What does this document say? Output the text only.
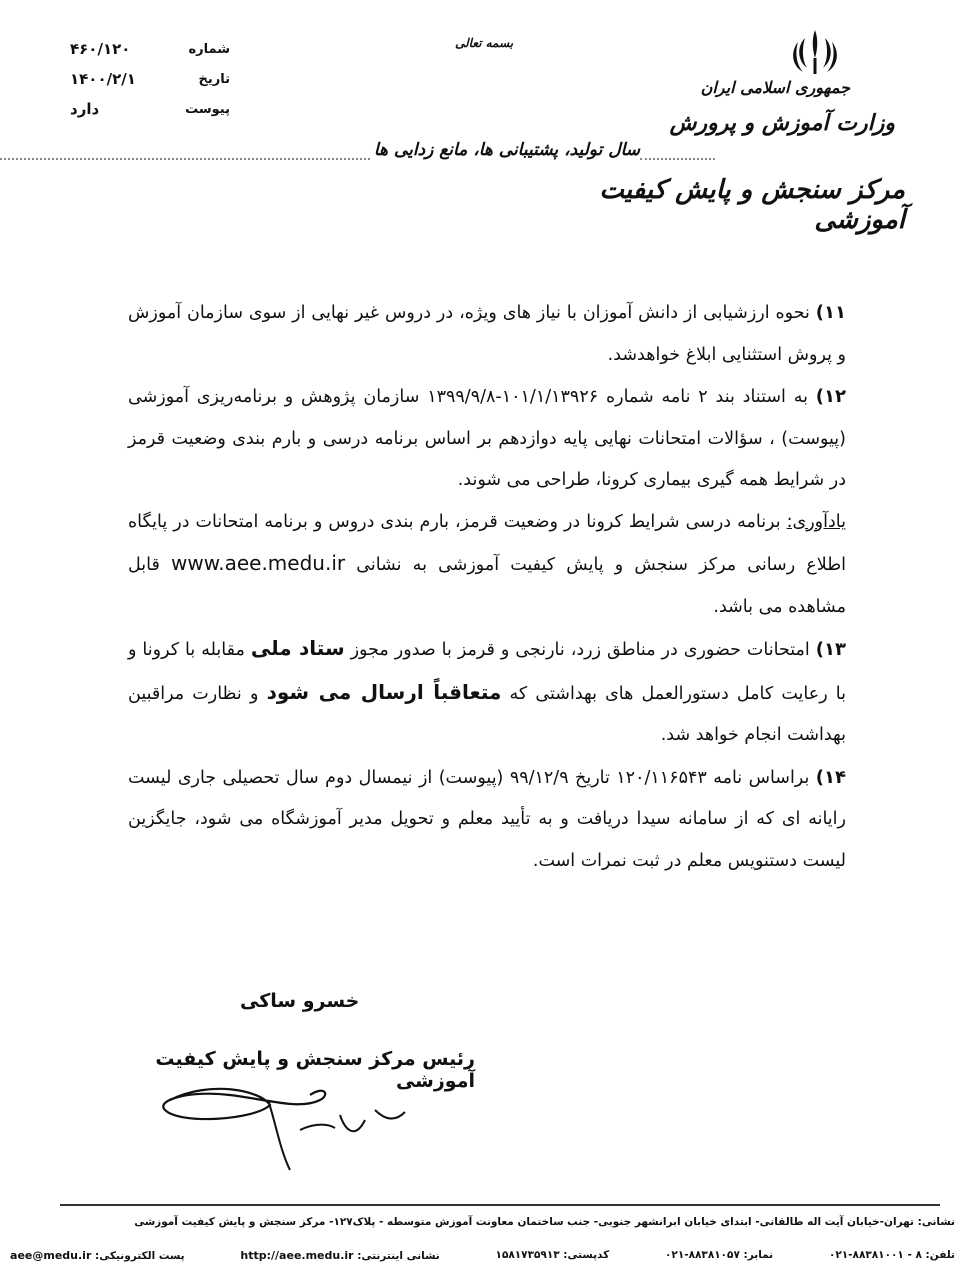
شماره
۴۶۰/۱۲۰
تاریخ
۱۴۰۰/۲/۱
پیوست
دارد
بسمه تعالی
جمهوری اسلامی ایران
وزارت آموزش و پرورش
سال تولید، پشتیبانی ها، مانع زدایی ها
مرکز سنجش و پایش کیفیت آموزشی

۱۱) نحوه ارزشیابی از دانش آموزان با نیاز های ویژه، در دروس غیر نهایی از سوی سازمان آموزش و پروش استثنایی ابلاغ خواهدشد.

۱۲) به استناد بند ۲ نامه شماره ۱۰۱/۱/۱۳۹۲۶-۱۳۹۹/۹/۸ سازمان پژوهش و برنامه‌ریزی آموزشی (پیوست) ، سؤالات امتحانات نهایی پایه دوازدهم بر اساس برنامه درسی و بارم بندی وضعیت قرمز در شرایط همه گیری بیماری کرونا، طراحی می شوند.

یادآوری: برنامه درسی شرایط کرونا در وضعیت قرمز، بارم بندی دروس و برنامه امتحانات در پایگاه اطلاع رسانی مرکز سنجش و پایش کیفیت آموزشی به نشانی www.aee.medu.ir قابل مشاهده می باشد.

۱۳) امتحانات حضوری در مناطق زرد، نارنجی و قرمز با صدور مجوز ستاد ملی مقابله با کرونا و با رعایت کامل دستورالعمل های بهداشتی که متعاقباً ارسال می شود و نظارت مراقبین بهداشت انجام خواهد شد.

۱۴) براساس نامه ۱۲۰/۱۱۶۵۴۳ تاریخ ۹۹/۱۲/۹ (پیوست) از نیمسال دوم سال تحصیلی جاری لیست رایانه ای که از سامانه سیدا دریافت و به تأیید معلم و تحویل مدیر آموزشگاه می شود، جایگزین لیست دستنویس معلم در ثبت نمرات است.

خسرو ساکی
رئیس مرکز سنجش و پایش کیفیت آموزشی
نشانی: تهران-خیابان آیت اله طالقانی- ابتدای خیابان ابرانشهر جنوبی- جنب ساختمان معاونت آموزش متوسطه - پلاک۱۲۷- مرکز سنجش و پایش کیفیت آموزشی
تلفن: ۸ - ۸۸۳۸۱۰۰۱-۰۲۱
نمابر: ۸۸۳۸۱۰۵۷-۰۲۱
کدپستی: ۱۵۸۱۷۳۵۹۱۳
نشانی اینترنتی: http://aee.medu.ir
پست الکترونیکی: aee@medu.ir
